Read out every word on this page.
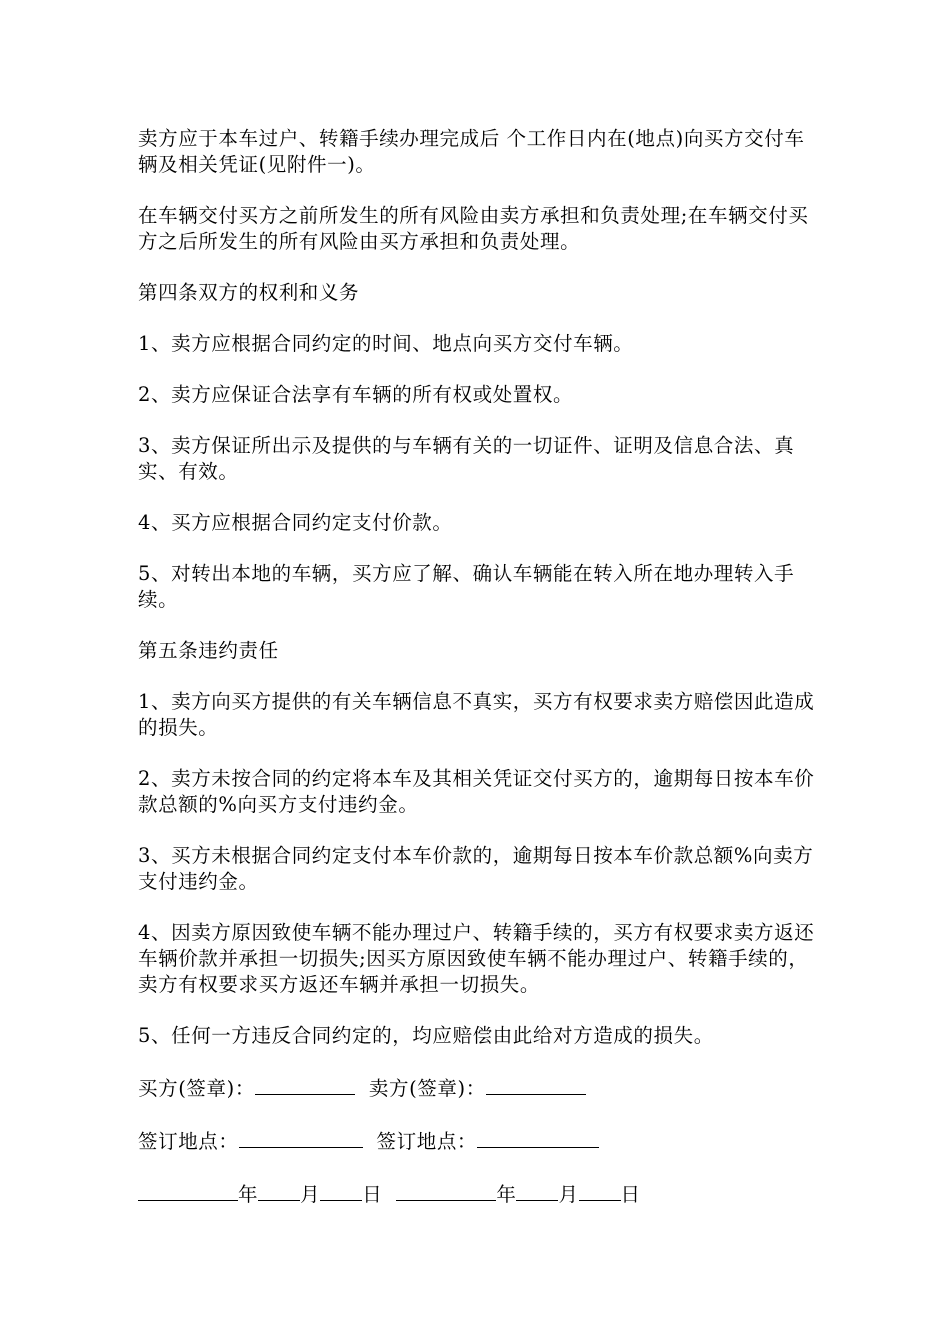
卖方应于本车过户、转籍手续办理完成后 个工作日内在(地点)向买方交付车辆及相关凭证(见附件一)。

在车辆交付买方之前所发生的所有风险由卖方承担和负责处理;在车辆交付买方之后所发生的所有风险由买方承担和负责处理。

第四条双方的权利和义务

1、卖方应根据合同约定的时间、地点向买方交付车辆。

2、卖方应保证合法享有车辆的所有权或处置权。

3、卖方保证所出示及提供的与车辆有关的一切证件、证明及信息合法、真实、有效。

4、买方应根据合同约定支付价款。

5、对转出本地的车辆，买方应了解、确认车辆能在转入所在地办理转入手续。

第五条违约责任

1、卖方向买方提供的有关车辆信息不真实，买方有权要求卖方赔偿因此造成的损失。

2、卖方未按合同的约定将本车及其相关凭证交付买方的，逾期每日按本车价款总额的%向买方支付违约金。

3、买方未根据合同约定支付本车价款的，逾期每日按本车价款总额%向卖方支付违约金。

4、因卖方原因致使车辆不能办理过户、转籍手续的，买方有权要求卖方返还车辆价款并承担一切损失;因买方原因致使车辆不能办理过户、转籍手续的，卖方有权要求买方返还车辆并承担一切损失。

5、任何一方违反合同约定的，均应赔偿由此给对方造成的损失。

买方(签章)：	卖方(签章)：
签订地点：	签订地点：
年 月 日	年 月 日
